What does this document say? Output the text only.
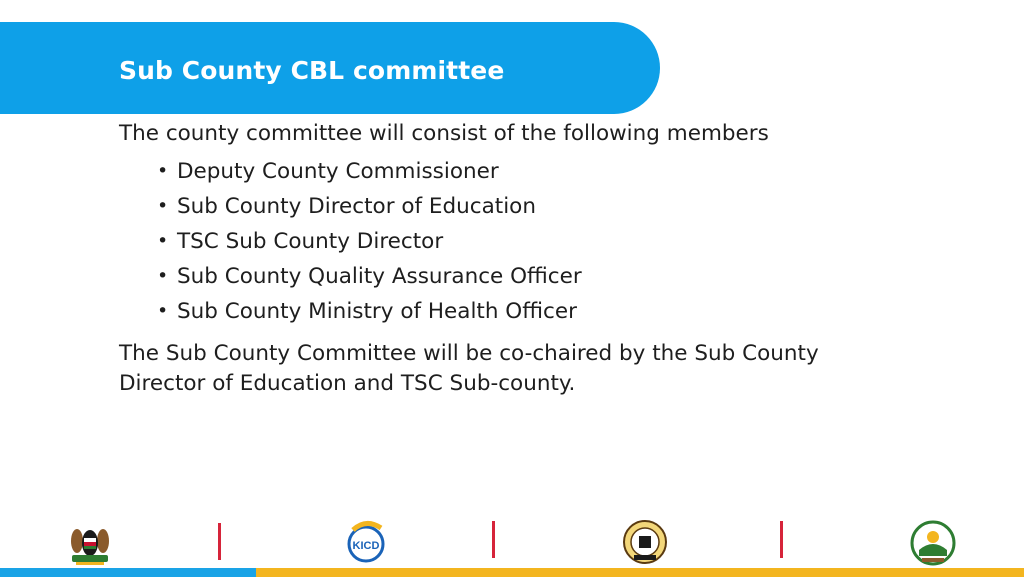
Sub County CBL committee
The county committee will consist of the following members
• Deputy County Commissioner
• Sub County Director of Education
• TSC Sub County Director
• Sub County Quality Assurance Officer
• Sub County Ministry of Health Officer
The Sub County Committee will be co-chaired by the Sub County Director of Education and TSC Sub-county.
KICD
